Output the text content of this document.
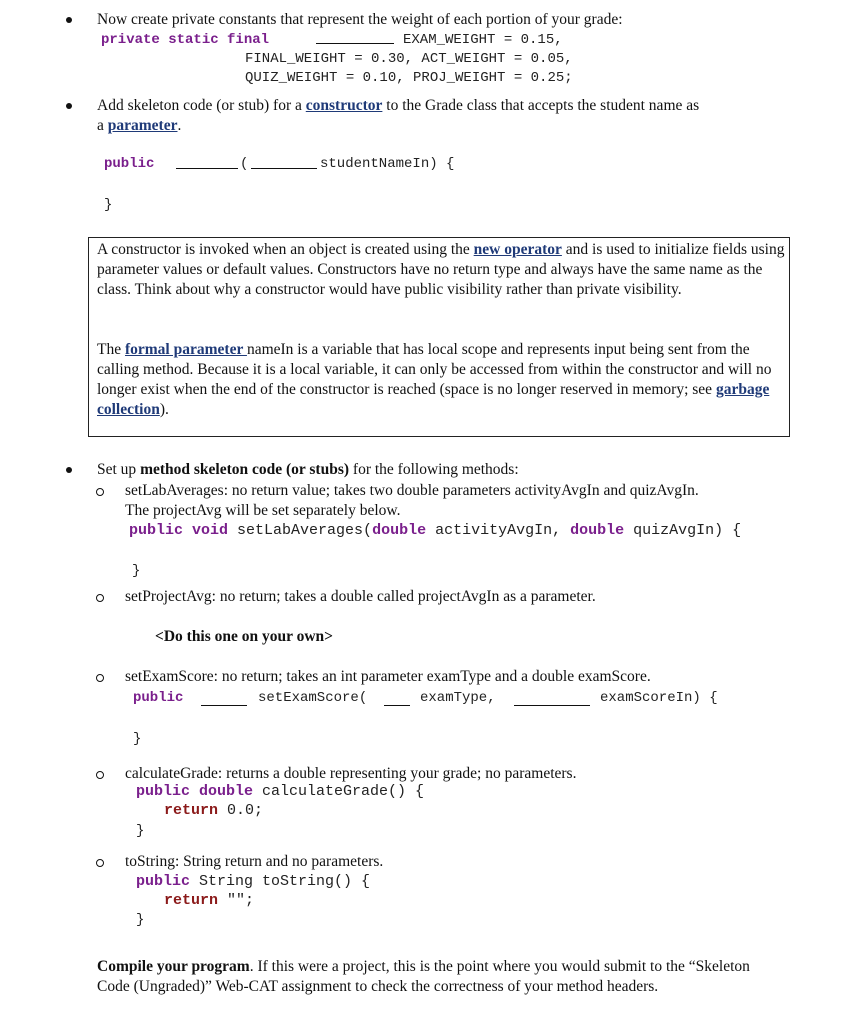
Now create private constants that represent the weight of each portion of your grade:
private static final	EXAM_WEIGHT = 0.15,
FINAL_WEIGHT = 0.30, ACT_WEIGHT = 0.05,
QUIZ_WEIGHT = 0.10, PROJ_WEIGHT = 0.25;
Add skeleton code (or stub) for a constructor to the Grade class that accepts the student name as
a parameter.
public	(	studentNameIn) {
}
A constructor is invoked when an object is created using the new operator and is used to initialize fields using parameter values or default values. Constructors have no return type and always have the same name as the class. Think about why a constructor would have public visibility rather than private visibility.
The formal parameter nameIn is a variable that has local scope and represents input being sent from the calling method. Because it is a local variable, it can only be accessed from within the constructor and will no longer exist when the end of the constructor is reached (space is no longer reserved in memory; see garbage collection).
Set up method skeleton code (or stubs) for the following methods:
setLabAverages: no return value; takes two double parameters activityAvgIn and quizAvgIn.
The projectAvg will be set separately below.
public void setLabAverages(double activityAvgIn, double quizAvgIn) {
}
setProjectAvg: no return; takes a double called projectAvgIn as a parameter.
<Do this one on your own>
setExamScore: no return; takes an int parameter examType and a double examScore.
public	setExamScore(	examType,	examScoreIn) {
}
calculateGrade: returns a double representing your grade; no parameters.
public double calculateGrade() {
return 0.0;
}
toString: String return and no parameters.
public String toString() {
return "";
}
Compile your program. If this were a project, this is the point where you would submit to the “Skeleton Code (Ungraded)” Web-CAT assignment to check the correctness of your method headers.
